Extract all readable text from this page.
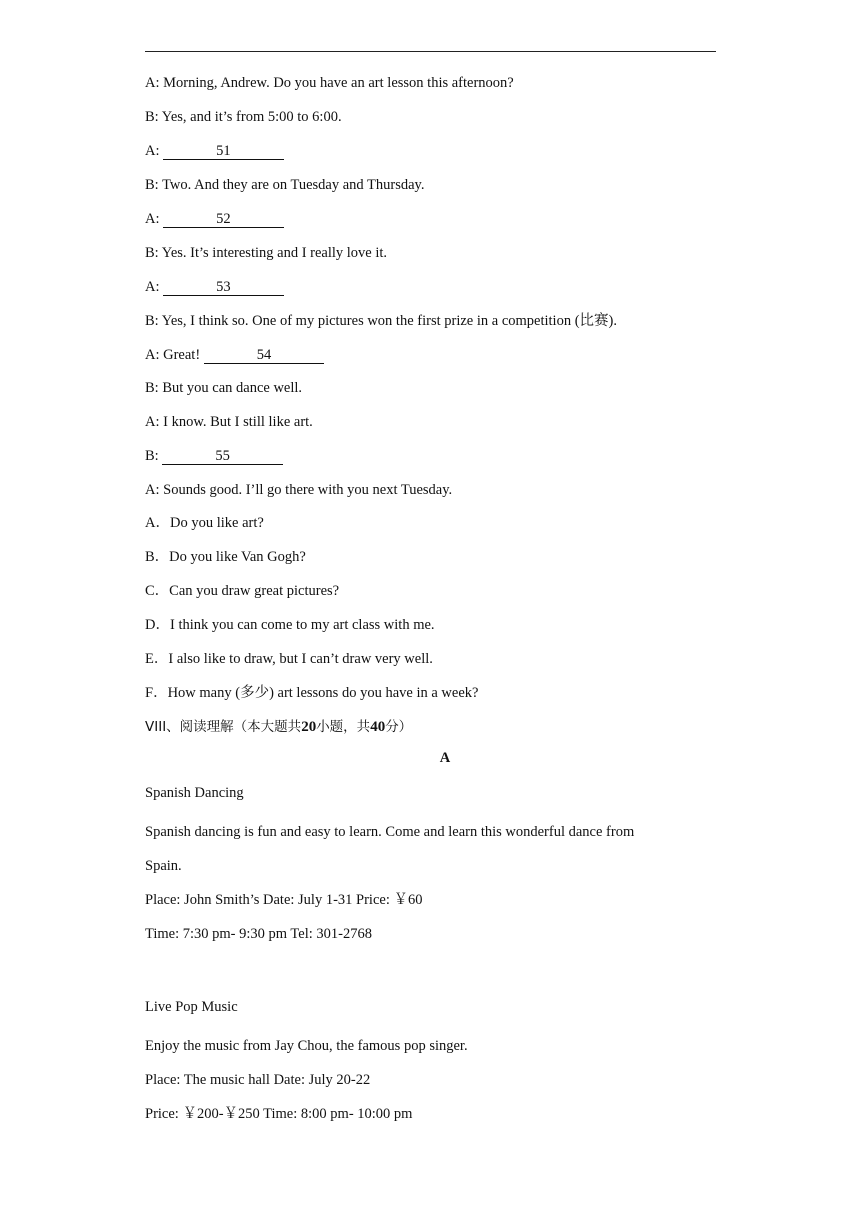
A: Morning, Andrew. Do you have an art lesson this afternoon?
B: Yes, and it’s from 5:00 to 6:00.
A:	51
B: Two. And they are on Tuesday and Thursday.
A:	52
B: Yes. It’s interesting and I really love it.
A:	53
B: Yes, I think so. One of my pictures won the first prize in a competition (比赛).
A: Great!	54
B: But you can dance well.
A: I know. But I still like art.
B:	55
A: Sounds good. I’ll go there with you next Tuesday.
A．Do you like art?
B．Do you like Van Gogh?
C．Can you draw great pictures?
D．I think you can come to my art class with me.
E．I also like to draw, but I can’t draw very well.
F．How many (多少) art lessons do you have in a week?
VIII、阅读理解（本大题共20小题，共40分）
A
Spanish Dancing
Spanish dancing is fun and easy to learn. Come and learn this wonderful dance from
Spain.
Place: John Smith’s Date: July 1-31 Price: ￥60
Time: 7:30 pm- 9:30 pm Tel: 301-2768
Live Pop Music
Enjoy the music from Jay Chou, the famous pop singer.
Place: The music hall Date: July 20-22
Price: ￥200-￥250 Time: 8:00 pm- 10:00 pm
